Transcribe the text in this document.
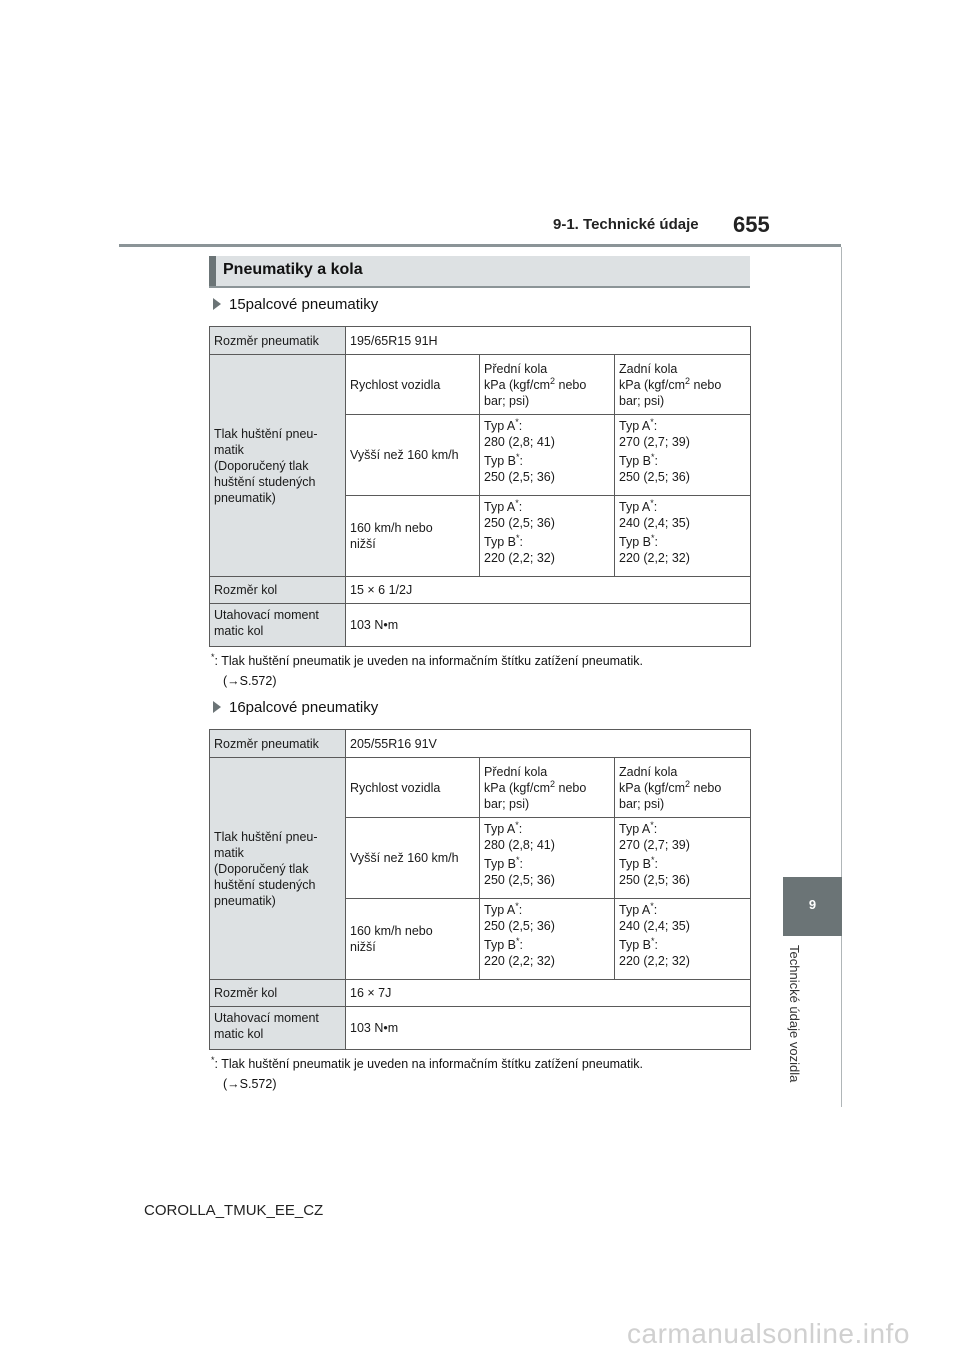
9-1. Technické údaje 655
Pneumatiky a kola
15palcové pneumatiky
Rozměr pneumatik	195/65R15 91H		
Tlak huštění pneu-
matik
(Doporučený tlak
huštění studených
pneumatik)	Rychlost vozidla	Přední kola
kPa ($kgf/cm^2$ nebo
bar; psi)	Zadní kola
kPa ($kgf/cm^2$ nebo
bar; psi)
	Vyšší než 160 km/h	Typ A*:
280 (2,8; 41)
Typ B*:
250 (2,5; 36)	Typ A*:
270 (2,7; 39)
Typ B*:
250 (2,5; 36)
	160 km/h nebo
nižší	Typ A*:
250 (2,5; 36)
Typ B*:
220 (2,2; 32)	Typ A*:
240 (2,4; 35)
Typ B*:
220 (2,2; 32)
Rozměr kol	15 × 6 1/2J		
Utahovací moment
matic kol	103 N•m		
*: Tlak huštění pneumatik je uveden na informačním štítku zatížení pneumatik.
(→S.572)
16palcové pneumatiky
Rozměr pneumatik	205/55R16 91V		
Tlak huštění pneu-
matik
(Doporučený tlak
huštění studených
pneumatik)	Rychlost vozidla	Přední kola
kPa ($kgf/cm^2$ nebo
bar; psi)	Zadní kola
kPa ($kgf/cm^2$ nebo
bar; psi)
	Vyšší než 160 km/h	Typ A*:
280 (2,8; 41)
Typ B*:
250 (2,5; 36)	Typ A*:
270 (2,7; 39)
Typ B*:
250 (2,5; 36)
	160 km/h nebo
nižší	Typ A*:
250 (2,5; 36)
Typ B*:
220 (2,2; 32)	Typ A*:
240 (2,4; 35)
Typ B*:
220 (2,2; 32)
Rozměr kol	16 × 7J		
Utahovací moment
matic kol	103 N•m		
*: Tlak huštění pneumatik je uveden na informačním štítku zatížení pneumatik.
(→S.572)
9
Technické údaje vozidla
COROLLA_TMUK_EE_CZ
carmanualsonline.info
